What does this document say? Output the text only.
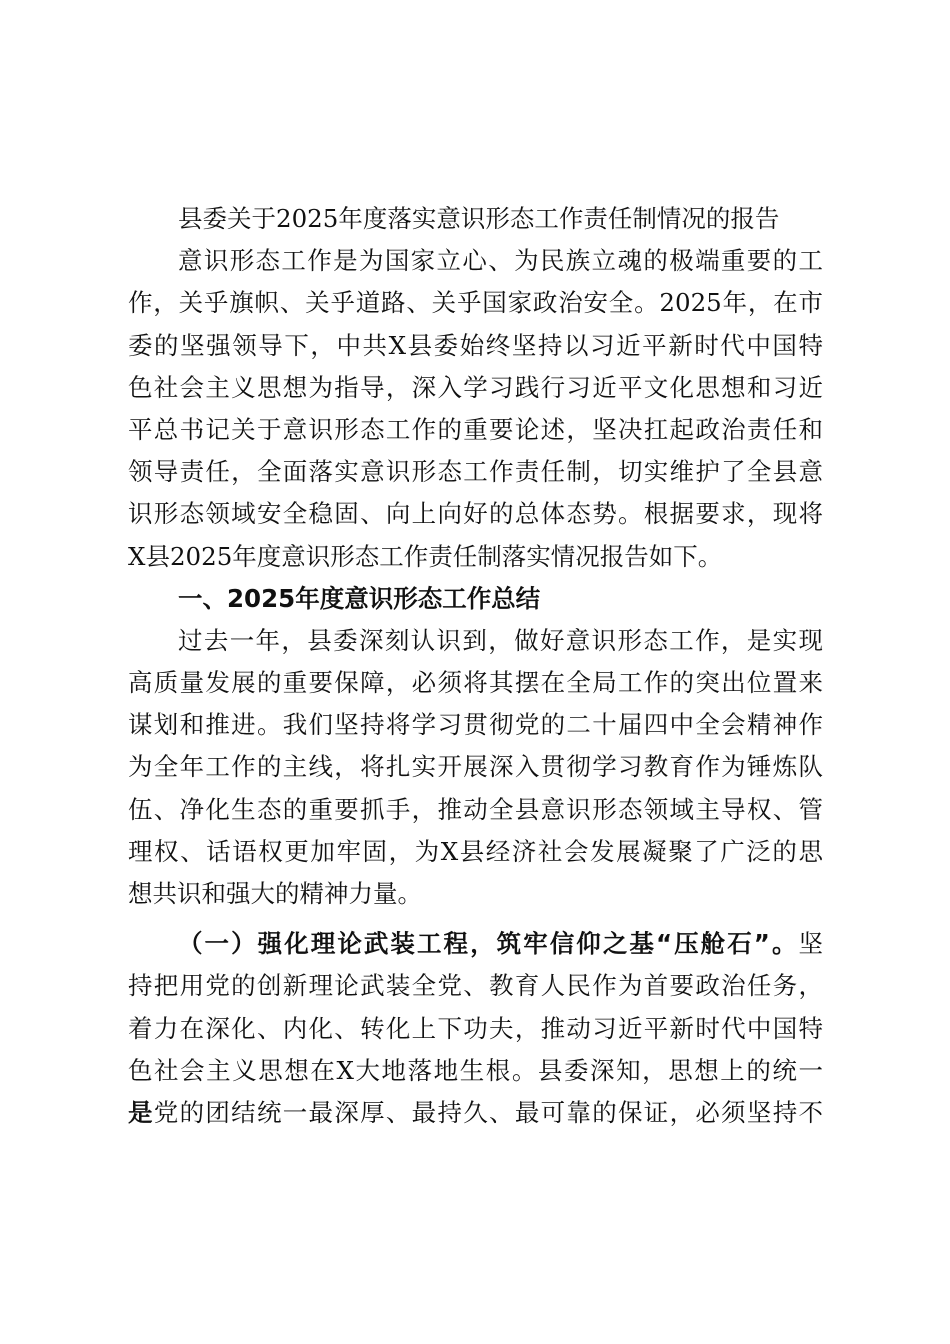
县委关于2025年度落实意识形态工作责任制情况的报告
意识形态工作是为国家立心、为民族立魂的极端重要的工
作，关乎旗帜、关乎道路、关乎国家政治安全。2025年，在市
委的坚强领导下，中共X县委始终坚持以习近平新时代中国特
色社会主义思想为指导，深入学习践行习近平文化思想和习近
平总书记关于意识形态工作的重要论述，坚决扛起政治责任和
领导责任，全面落实意识形态工作责任制，切实维护了全县意
识形态领域安全稳固、向上向好的总体态势。根据要求，现将
X县2025年度意识形态工作责任制落实情况报告如下。
一、2025年度意识形态工作总结
过去一年，县委深刻认识到，做好意识形态工作，是实现
高质量发展的重要保障，必须将其摆在全局工作的突出位置来
谋划和推进。我们坚持将学习贯彻党的二十届四中全会精神作
为全年工作的主线，将扎实开展深入贯彻学习教育作为锤炼队
伍、净化生态的重要抓手，推动全县意识形态领域主导权、管
理权、话语权更加牢固，为X县经济社会发展凝聚了广泛的思
想共识和强大的精神力量。
（一）强化理论武装工程，筑牢信仰之基“压舱石”。坚
持把用党的创新理论武装全党、教育人民作为首要政治任务，
着力在深化、内化、转化上下功夫，推动习近平新时代中国特
色社会主义思想在X大地落地生根。县委深知，思想上的统一
是党的团结统一最深厚、最持久、最可靠的保证，必须坚持不
